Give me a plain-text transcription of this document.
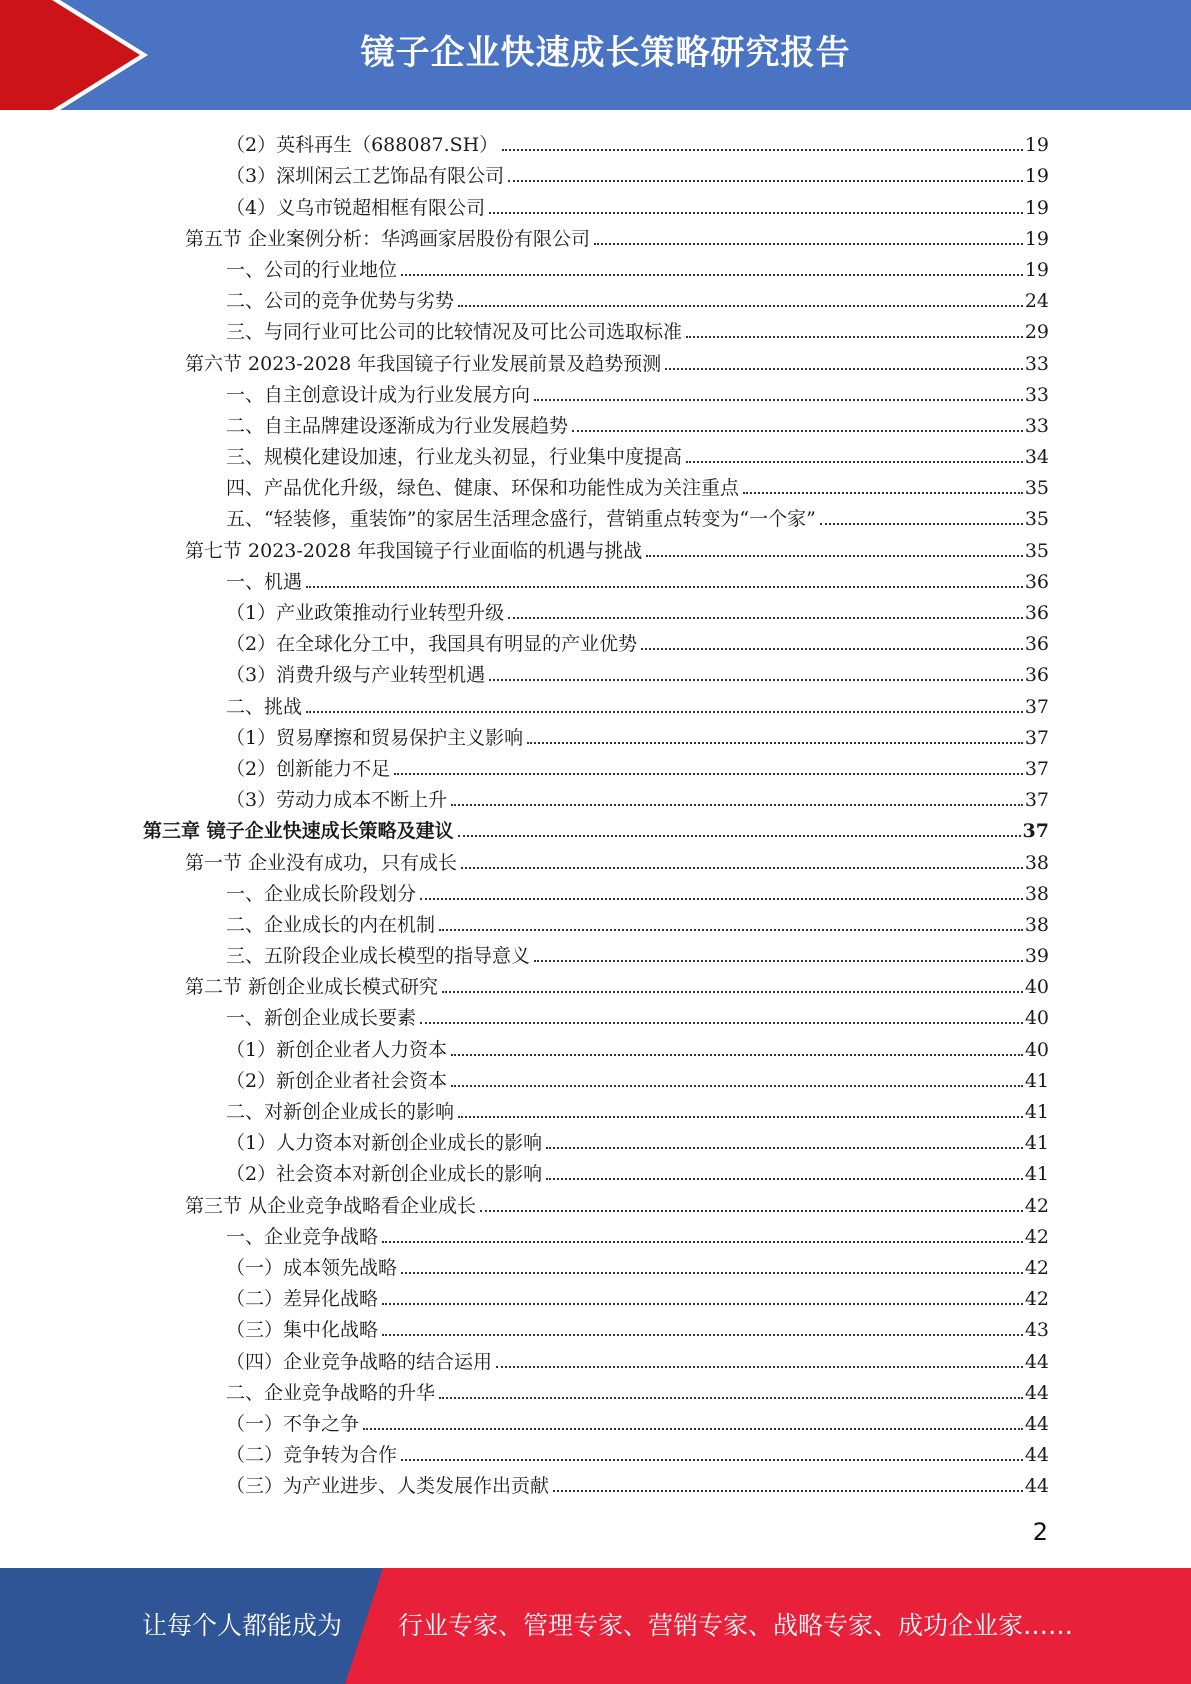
镜子企业快速成长策略研究报告
（2）英科再生（688087.SH）	19
（3）深圳闲云工艺饰品有限公司	19
（4）义乌市锐超相框有限公司	19
第五节 企业案例分析：华鸿画家居股份有限公司	19
一、公司的行业地位	19
二、公司的竞争优势与劣势	24
三、与同行业可比公司的比较情况及可比公司选取标准	29
第六节 2023-2028 年我国镜子行业发展前景及趋势预测	33
一、自主创意设计成为行业发展方向	33
二、自主品牌建设逐渐成为行业发展趋势	33
三、规模化建设加速，行业龙头初显，行业集中度提高	34
四、产品优化升级，绿色、健康、环保和功能性成为关注重点	35
五、“轻装修，重装饰”的家居生活理念盛行，营销重点转变为“一个家”	35
第七节 2023-2028 年我国镜子行业面临的机遇与挑战	35
一、机遇	36
（1）产业政策推动行业转型升级	36
（2）在全球化分工中，我国具有明显的产业优势	36
（3）消费升级与产业转型机遇	36
二、挑战	37
（1）贸易摩擦和贸易保护主义影响	37
（2）创新能力不足	37
（3）劳动力成本不断上升	37
第三章 镜子企业快速成长策略及建议	37
第一节 企业没有成功，只有成长	38
一、企业成长阶段划分	38
二、企业成长的内在机制	38
三、五阶段企业成长模型的指导意义	39
第二节 新创企业成长模式研究	40
一、新创企业成长要素	40
（1）新创企业者人力资本	40
（2）新创企业者社会资本	41
二、对新创企业成长的影响	41
（1）人力资本对新创企业成长的影响	41
（2）社会资本对新创企业成长的影响	41
第三节 从企业竞争战略看企业成长	42
一、企业竞争战略	42
（一）成本领先战略	42
（二）差异化战略	42
（三）集中化战略	43
（四）企业竞争战略的结合运用	44
二、企业竞争战略的升华	44
（一）不争之争	44
（二）竞争转为合作	44
（三）为产业进步、人类发展作出贡献	44
2
让每个人都能成为 行业专家、管理专家、营销专家、战略专家、成功企业家……
